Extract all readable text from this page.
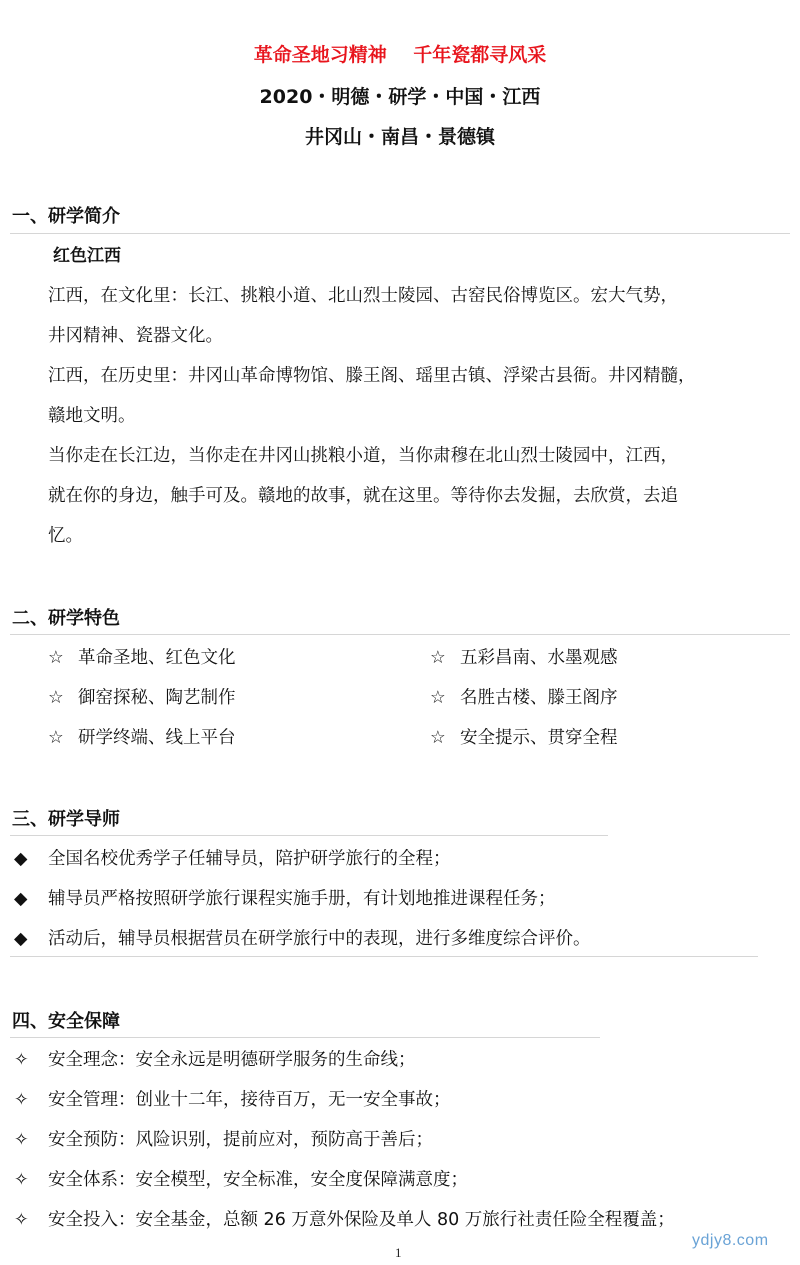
革命圣地习精神    千年瓷都寻风采
2020・明德・研学・中国・江西
井冈山・南昌・景德镇
一、研学简介
红色江西
江西，在文化里：长江、挑粮小道、北山烈士陵园、古窑民俗博览区。宏大气势，
井冈精神、瓷器文化。
江西，在历史里：井冈山革命博物馆、滕王阁、瑶里古镇、浮梁古县衙。井冈精髓，
赣地文明。
当你走在长江边，当你走在井冈山挑粮小道，当你肃穆在北山烈士陵园中，江西，
就在你的身边，触手可及。赣地的故事，就在这里。等待你去发掘，去欣赏，去追
忆。
二、研学特色
☆ 革命圣地、红色文化	☆ 五彩昌南、水墨观感
☆ 御窑探秘、陶艺制作	☆ 名胜古楼、滕王阁序
☆ 研学终端、线上平台	☆ 安全提示、贯穿全程
三、研学导师
◆ 全国名校优秀学子任辅导员，陪护研学旅行的全程；
◆ 辅导员严格按照研学旅行课程实施手册，有计划地推进课程任务；
◆ 活动后，辅导员根据营员在研学旅行中的表现，进行多维度综合评价。
四、安全保障
✧ 安全理念：安全永远是明德研学服务的生命线；
✧ 安全管理：创业十二年，接待百万，无一安全事故；
✧ 安全预防：风险识别，提前应对，预防高于善后；
✧ 安全体系：安全模型，安全标准，安全度保障满意度；
✧ 安全投入：安全基金，总额 26 万意外保险及单人 80 万旅行社责任险全程覆盖；
1
ydjy8.com
